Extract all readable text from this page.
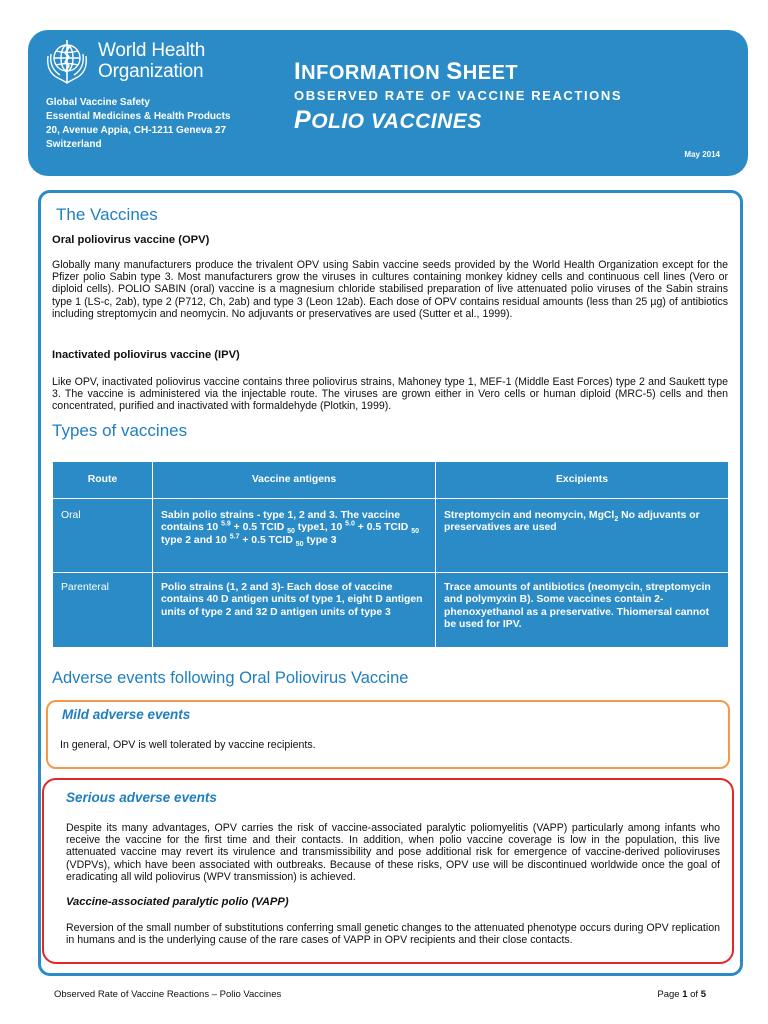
World Health
Organization
Global Vaccine Safety
Essential Medicines & Health Products
20, Avenue Appia, CH-1211 Geneva 27
Switzerland
INFORMATION SHEET
OBSERVED RATE OF VACCINE REACTIONS
POLIO VACCINES
May 2014
The Vaccines
Oral poliovirus vaccine (OPV)
Globally many manufacturers produce the trivalent OPV using Sabin vaccine seeds provided by the World Health Organization except for the Pfizer polio Sabin type 3. Most manufacturers grow the viruses in cultures containing monkey kidney cells and continuous cell lines (Vero or diploid cells). POLIO SABIN (oral) vaccine is a magnesium chloride stabilised preparation of live attenuated polio viruses of the Sabin strains type 1 (LS-c, 2ab), type 2 (P712, Ch, 2ab) and type 3 (Leon 12ab). Each dose of OPV contains residual amounts (less than 25 µg) of antibiotics including streptomycin and neomycin. No adjuvants or preservatives are used (Sutter et al., 1999).
Inactivated poliovirus vaccine (IPV)
Like OPV, inactivated poliovirus vaccine contains three poliovirus strains, Mahoney type 1, MEF-1 (Middle East Forces) type 2 and Saukett type 3. The vaccine is administered via the injectable route. The viruses are grown either in Vero cells or human diploid (MRC-5) cells and then concentrated, purified and inactivated with formaldehyde (Plotkin, 1999).
Types of vaccines
Route	Vaccine antigens	Excipients
Oral	Sabin polio strains - type 1, 2 and 3. The vaccine contains 10 $^{5.9}$ + 0.5 TCID $_{50}$ type1, 10 $^{5.0}$ + 0.5 TCID $_{50}$ type 2 and 10 $^{5.7}$ + 0.5 TCID $_{50}$ type 3	Streptomycin and neomycin, MgCl$_2$ No adjuvants or preservatives are used
Parenteral	Polio strains (1, 2 and 3)- Each dose of vaccine contains 40 D antigen units of type 1, eight D antigen units of type 2 and 32 D antigen units of type 3	Trace amounts of antibiotics (neomycin, streptomycin and polymyxin B). Some vaccines contain 2-phenoxyethanol as a preservative. Thiomersal cannot be used for IPV.
Adverse events following Oral Poliovirus Vaccine
Mild adverse events
In general, OPV is well tolerated by vaccine recipients.
Serious adverse events
Despite its many advantages, OPV carries the risk of vaccine-associated paralytic poliomyelitis (VAPP) particularly among infants who receive the vaccine for the first time and their contacts. In addition, when polio vaccine coverage is low in the population, this live attenuated vaccine may revert its virulence and transmissibility and pose additional risk for emergence of vaccine-derived polioviruses (VDPVs), which have been associated with outbreaks. Because of these risks, OPV use will be discontinued worldwide once the goal of eradicating all wild poliovirus (WPV transmission) is achieved.
Vaccine-associated paralytic polio (VAPP)
Reversion of the small number of substitutions conferring small genetic changes to the attenuated phenotype occurs during OPV replication in humans and is the underlying cause of the rare cases of VAPP in OPV recipients and their close contacts.
Observed Rate of Vaccine Reactions – Polio Vaccines	Page 1 of 5
